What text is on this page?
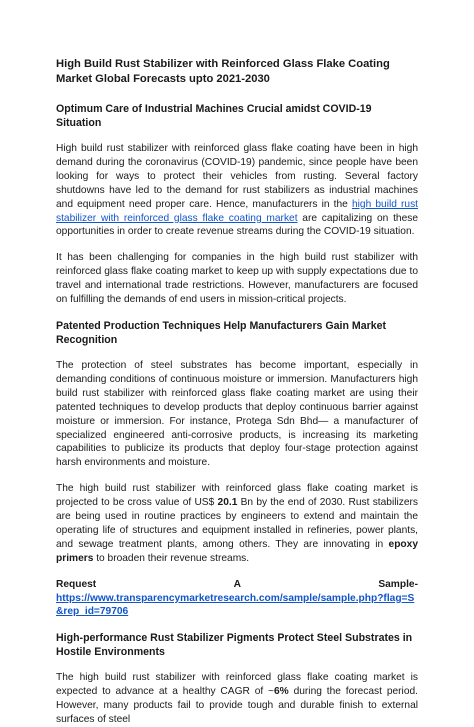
High Build Rust Stabilizer with Reinforced Glass Flake Coating Market Global Forecasts upto 2021-2030
Optimum Care of Industrial Machines Crucial amidst COVID-19 Situation

High build rust stabilizer with reinforced glass flake coating have been in high demand during the coronavirus (COVID-19) pandemic, since people have been looking for ways to protect their vehicles from rusting. Several factory shutdowns have led to the demand for rust stabilizers as industrial machines and equipment need proper care. Hence, manufacturers in the high build rust stabilizer with reinforced glass flake coating market are capitalizing on these opportunities in order to create revenue streams during the COVID-19 situation.

It has been challenging for companies in the high build rust stabilizer with reinforced glass flake coating market to keep up with supply expectations due to travel and international trade restrictions. However, manufacturers are focused on fulfilling the demands of end users in mission-critical projects.

Patented Production Techniques Help Manufacturers Gain Market Recognition

The protection of steel substrates has become important, especially in demanding conditions of continuous moisture or immersion. Manufacturers high build rust stabilizer with reinforced glass flake coating market are using their patented techniques to develop products that deploy continuous barrier against moisture or immersion. For instance, Protega Sdn Bhd— a manufacturer of specialized engineered anti-corrosive products, is increasing its marketing capabilities to publicize its products that deploy four-stage protection against harsh environments and moisture.

The high build rust stabilizer with reinforced glass flake coating market is projected to be cross value of US$ 20.1 Bn by the end of 2030. Rust stabilizers are being used in routine practices by engineers to extend and maintain the operating life of structures and equipment installed in refineries, power plants, and sewage treatment plants, among others. They are innovating in epoxy primers to broaden their revenue streams.

Request	A	Sample-
https://www.transparencymarketresearch.com/sample/sample.php?flag=S&rep_id=79706
High-performance Rust Stabilizer Pigments Protect Steel Substrates in Hostile Environments

The high build rust stabilizer with reinforced glass flake coating market is expected to advance at a healthy CAGR of ~6% during the forecast period. However, many products fail to provide tough and durable finish to external surfaces of steel
